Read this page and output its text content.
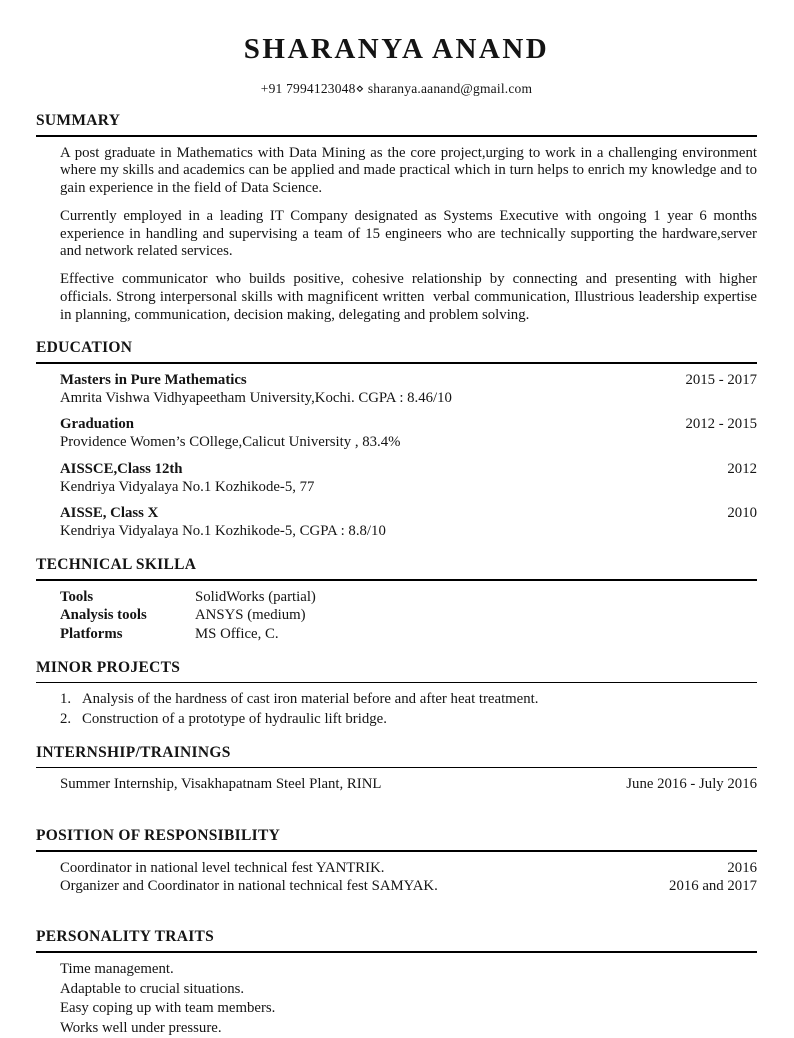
SHARANYA ANAND
+91 7994123048⋄ sharanya.aanand@gmail.com
SUMMARY

A post graduate in Mathematics with Data Mining as the core project,urging to work in a challenging environment where my skills and academics can be applied and made practical which in turn helps to enrich my knowledge and to gain experience in the field of Data Science.

Currently employed in a leading IT Company designated as Systems Executive with ongoing 1 year 6 months experience in handling and supervising a team of 15 engineers who are technically supporting the hardware,server and network related services.

Effective communicator who builds positive, cohesive relationship by connecting and presenting with higher officials. Strong interpersonal skills with magnificent written  verbal communication, Illustrious leadership expertise in planning, communication, decision making, delegating and problem solving.

EDUCATION
Masters in Pure Mathematics	2015 - 2017
Amrita Vishwa Vidhyapeetham University,Kochi. CGPA : 8.46/10
Graduation	2012 - 2015
Providence Women’s COllege,Calicut University , 83.4%
AISSCE,Class 12th	2012
Kendriya Vidyalaya No.1 Kozhikode-5, 77
AISSE, Class X	2010
Kendriya Vidyalaya No.1 Kozhikode-5, CGPA : 8.8/10
TECHNICAL SKILLA
Tools	SolidWorks (partial)
Analysis tools	ANSYS (medium)
Platforms	MS Office, C.
MINOR PROJECTS
1. Analysis of the hardness of cast iron material before and after heat treatment.
2. Construction of a prototype of hydraulic lift bridge.
INTERNSHIP/TRAININGS
Summer Internship, Visakhapatnam Steel Plant, RINL	June 2016 - July 2016
POSITION OF RESPONSIBILITY
Coordinator in national level technical fest YANTRIK.	2016
Organizer and Coordinator in national technical fest SAMYAK.	2016 and 2017
PERSONALITY TRAITS
Time management.
Adaptable to crucial situations.
Easy coping up with team members.
Works well under pressure.
